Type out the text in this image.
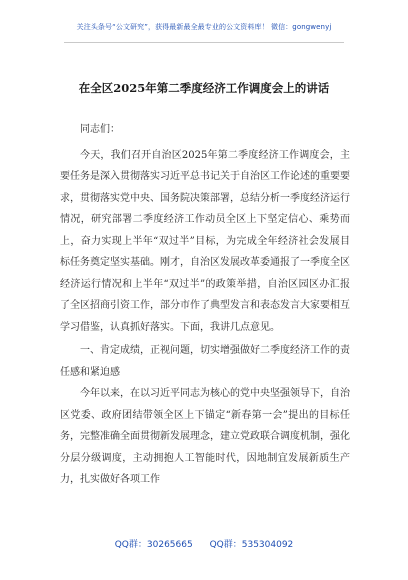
关注头条号“公文研究”，获得最新最全最专业的公文资料库！ 微信：gongwenyj
在全区2025年第二季度经济工作调度会上的讲话

同志们：

今天，我们召开自治区2025年第二季度经济工作调度会，主要任务是深入贯彻落实习近平总书记关于自治区工作论述的重要要求，贯彻落实党中央、国务院决策部署，总结分析一季度经济运行情况，研究部署二季度经济工作动员全区上下坚定信心、乘势而上，奋力实现上半年“双过半”目标，为完成全年经济社会发展目标任务奠定坚实基础。刚才，自治区发展改革委通报了一季度全区经济运行情况和上半年“双过半”的政策举措，自治区园区办汇报了全区招商引资工作，部分市作了典型发言和表态发言大家要相互学习借鉴，认真抓好落实。下面，我讲几点意见。

一、肯定成绩，正视问题，切实增强做好二季度经济工作的责任感和紧迫感

今年以来，在以习近平同志为核心的党中央坚强领导下，自治区党委、政府团结带领全区上下锚定“新春第一会”提出的目标任务，完整准确全面贯彻新发展理念，建立党政联合调度机制，强化分层分级调度，主动拥抱人工智能时代，因地制宜发展新质生产力，扎实做好各项工作

QQ群：30265665 QQ群：535304092
